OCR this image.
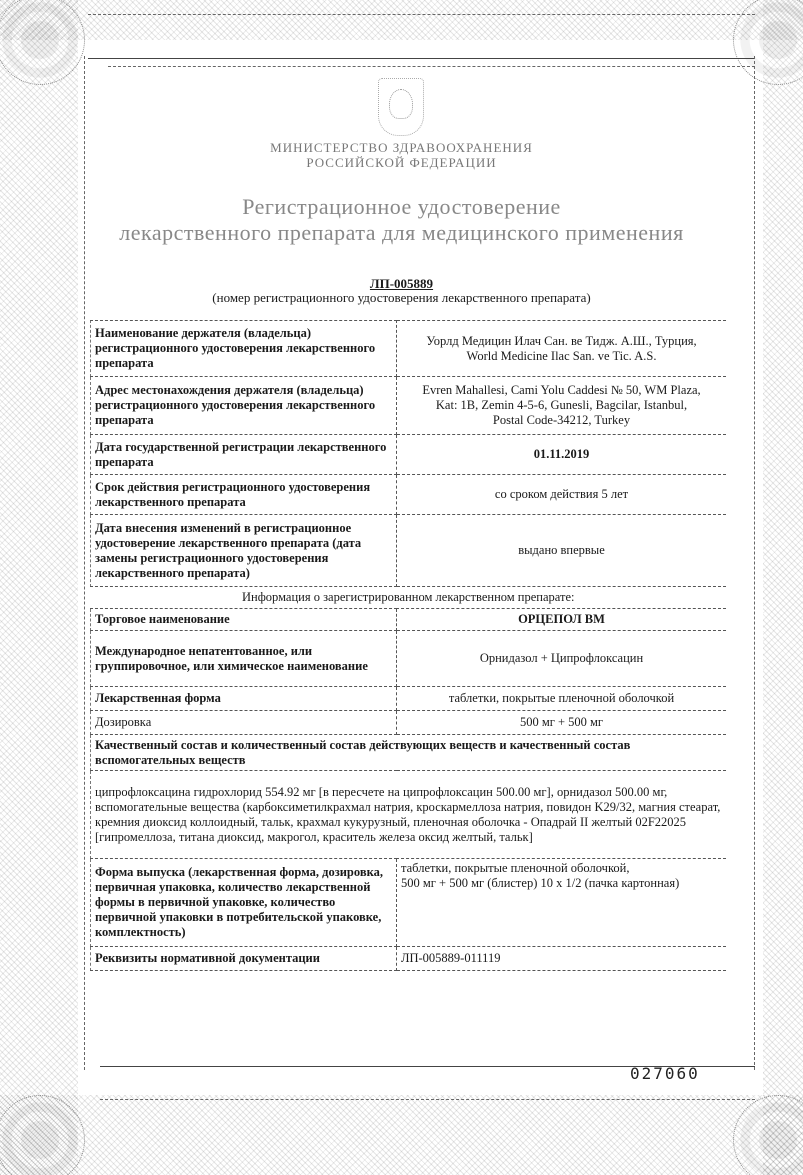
МИНИСТЕРСТВО ЗДРАВООХРАНЕНИЯ
РОССИЙСКОЙ ФЕДЕРАЦИИ
Регистрационное удостоверение
лекарственного препарата для медицинского применения
ЛП-005889
(номер регистрационного удостоверения лекарственного препарата)
Наименование держателя (владельца) регистрационного удостоверения лекарственного препарата	Уорлд Медицин Илач Сан. ве Тидж. А.Ш., Турция,
World Medicine Ilac San. ve Tic. A.S.

Адрес местонахождения держателя (владельца) регистрационного удостоверения лекарственного препарата	Evren Mahallesi, Cami Yolu Caddesi № 50, WM Plaza,
Kat: 1B, Zemin 4-5-6, Gunesli, Bagcilar, Istanbul,
Postal Code-34212, Turkey

Дата государственной регистрации лекарственного препарата	01.11.2019
Срок действия регистрационного удостоверения лекарственного препарата	со сроком действия 5 лет
Дата внесения изменений в регистрационное удостоверение лекарственного препарата (дата замены регистрационного удостоверения лекарственного препарата)	выдано впервые
Информация о зарегистрированном лекарственном препарате:	
Торговое наименование	ОРЦЕПОЛ ВМ
Международное непатентованное, или группировочное, или химическое наименование	Орнидазол + Ципрофлоксацин
Лекарственная форма	таблетки, покрытые пленочной оболочкой
Дозировка	500 мг + 500 мг
Качественный состав и количественный состав действующих веществ и качественный состав вспомогательных веществ	
ципрофлоксацина гидрохлорид 554.92 мг [в пересчете на ципрофлоксацин 500.00 мг], орнидазол 500.00 мг, вспомогательные вещества (карбоксиметилкрахмал натрия, кроскармеллоза натрия, повидон K29/32, магния стеарат, кремния диоксид коллоидный, тальк, крахмал кукурузный, пленочная оболочка - Опадрай II желтый 02F22025 [гипромеллоза, титана диоксид, макрогол, краситель железа оксид желтый, тальк]	
Форма выпуска (лекарственная форма, дозировка, первичная упаковка, количество лекарственной формы в первичной упаковке, количество первичной упаковки в потребительской упаковке, комплектность)	таблетки, покрытые пленочной оболочкой,
500 мг + 500 мг (блистер) 10 х 1/2 (пачка картонная)

Реквизиты нормативной документации	ЛП-005889-011119
027060
